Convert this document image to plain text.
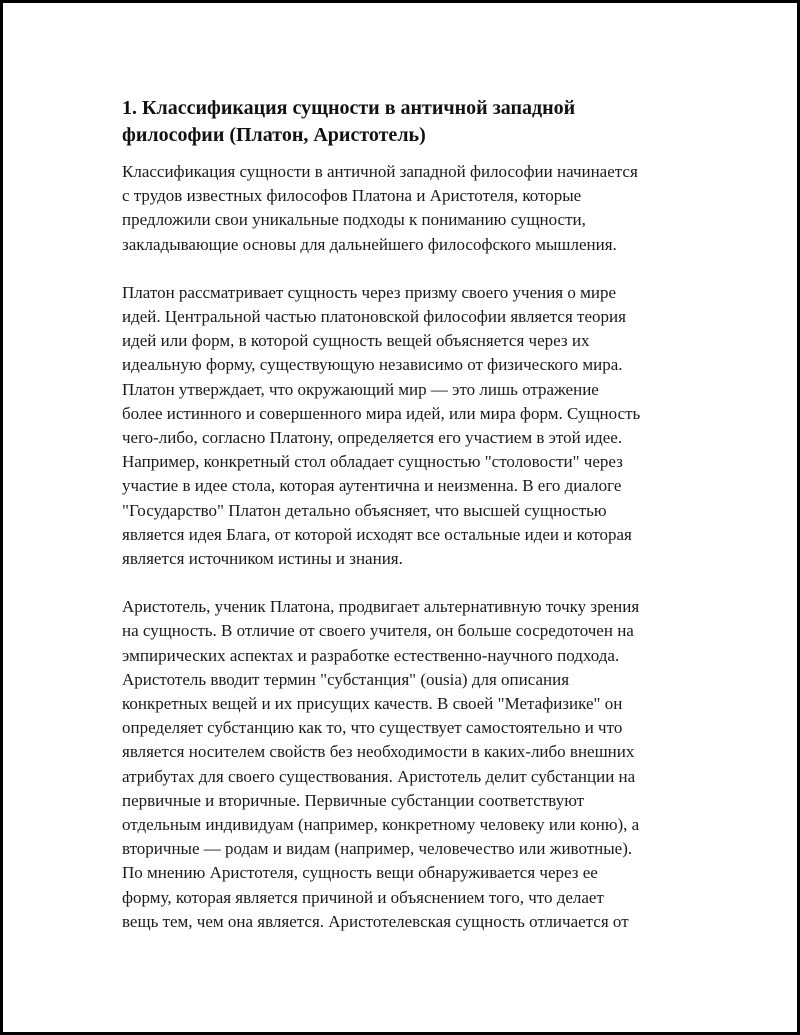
1. Классификация сущности в античной западной
философии (Платон, Аристотель)

Классификация сущности в античной западной философии начинается
с трудов известных философов Платона и Аристотеля, которые
предложили свои уникальные подходы к пониманию сущности,
закладывающие основы для дальнейшего философского мышления.

Платон рассматривает сущность через призму своего учения о мире
идей. Центральной частью платоновской философии является теория
идей или форм, в которой сущность вещей объясняется через их
идеальную форму, существующую независимо от физического мира.
Платон утверждает, что окружающий мир — это лишь отражение
более истинного и совершенного мира идей, или мира форм. Сущность
чего-либо, согласно Платону, определяется его участием в этой идее.
Например, конкретный стол обладает сущностью "столовости" через
участие в идее стола, которая аутентична и неизменна. В его диалоге
"Государство" Платон детально объясняет, что высшей сущностью
является идея Блага, от которой исходят все остальные идеи и которая
является источником истины и знания.

Аристотель, ученик Платона, продвигает альтернативную точку зрения
на сущность. В отличие от своего учителя, он больше сосредоточен на
эмпирических аспектах и разработке естественно-научного подхода.
Аристотель вводит термин "субстанция" (ousia) для описания
конкретных вещей и их присущих качеств. В своей "Метафизике" он
определяет субстанцию как то, что существует самостоятельно и что
является носителем свойств без необходимости в каких-либо внешних
атрибутах для своего существования. Аристотель делит субстанции на
первичные и вторичные. Первичные субстанции соответствуют
отдельным индивидуам (например, конкретному человеку или коню), а
вторичные — родам и видам (например, человечество или животные).
По мнению Аристотеля, сущность вещи обнаруживается через ее
форму, которая является причиной и объяснением того, что делает
вещь тем, чем она является. Аристотелевская сущность отличается от
